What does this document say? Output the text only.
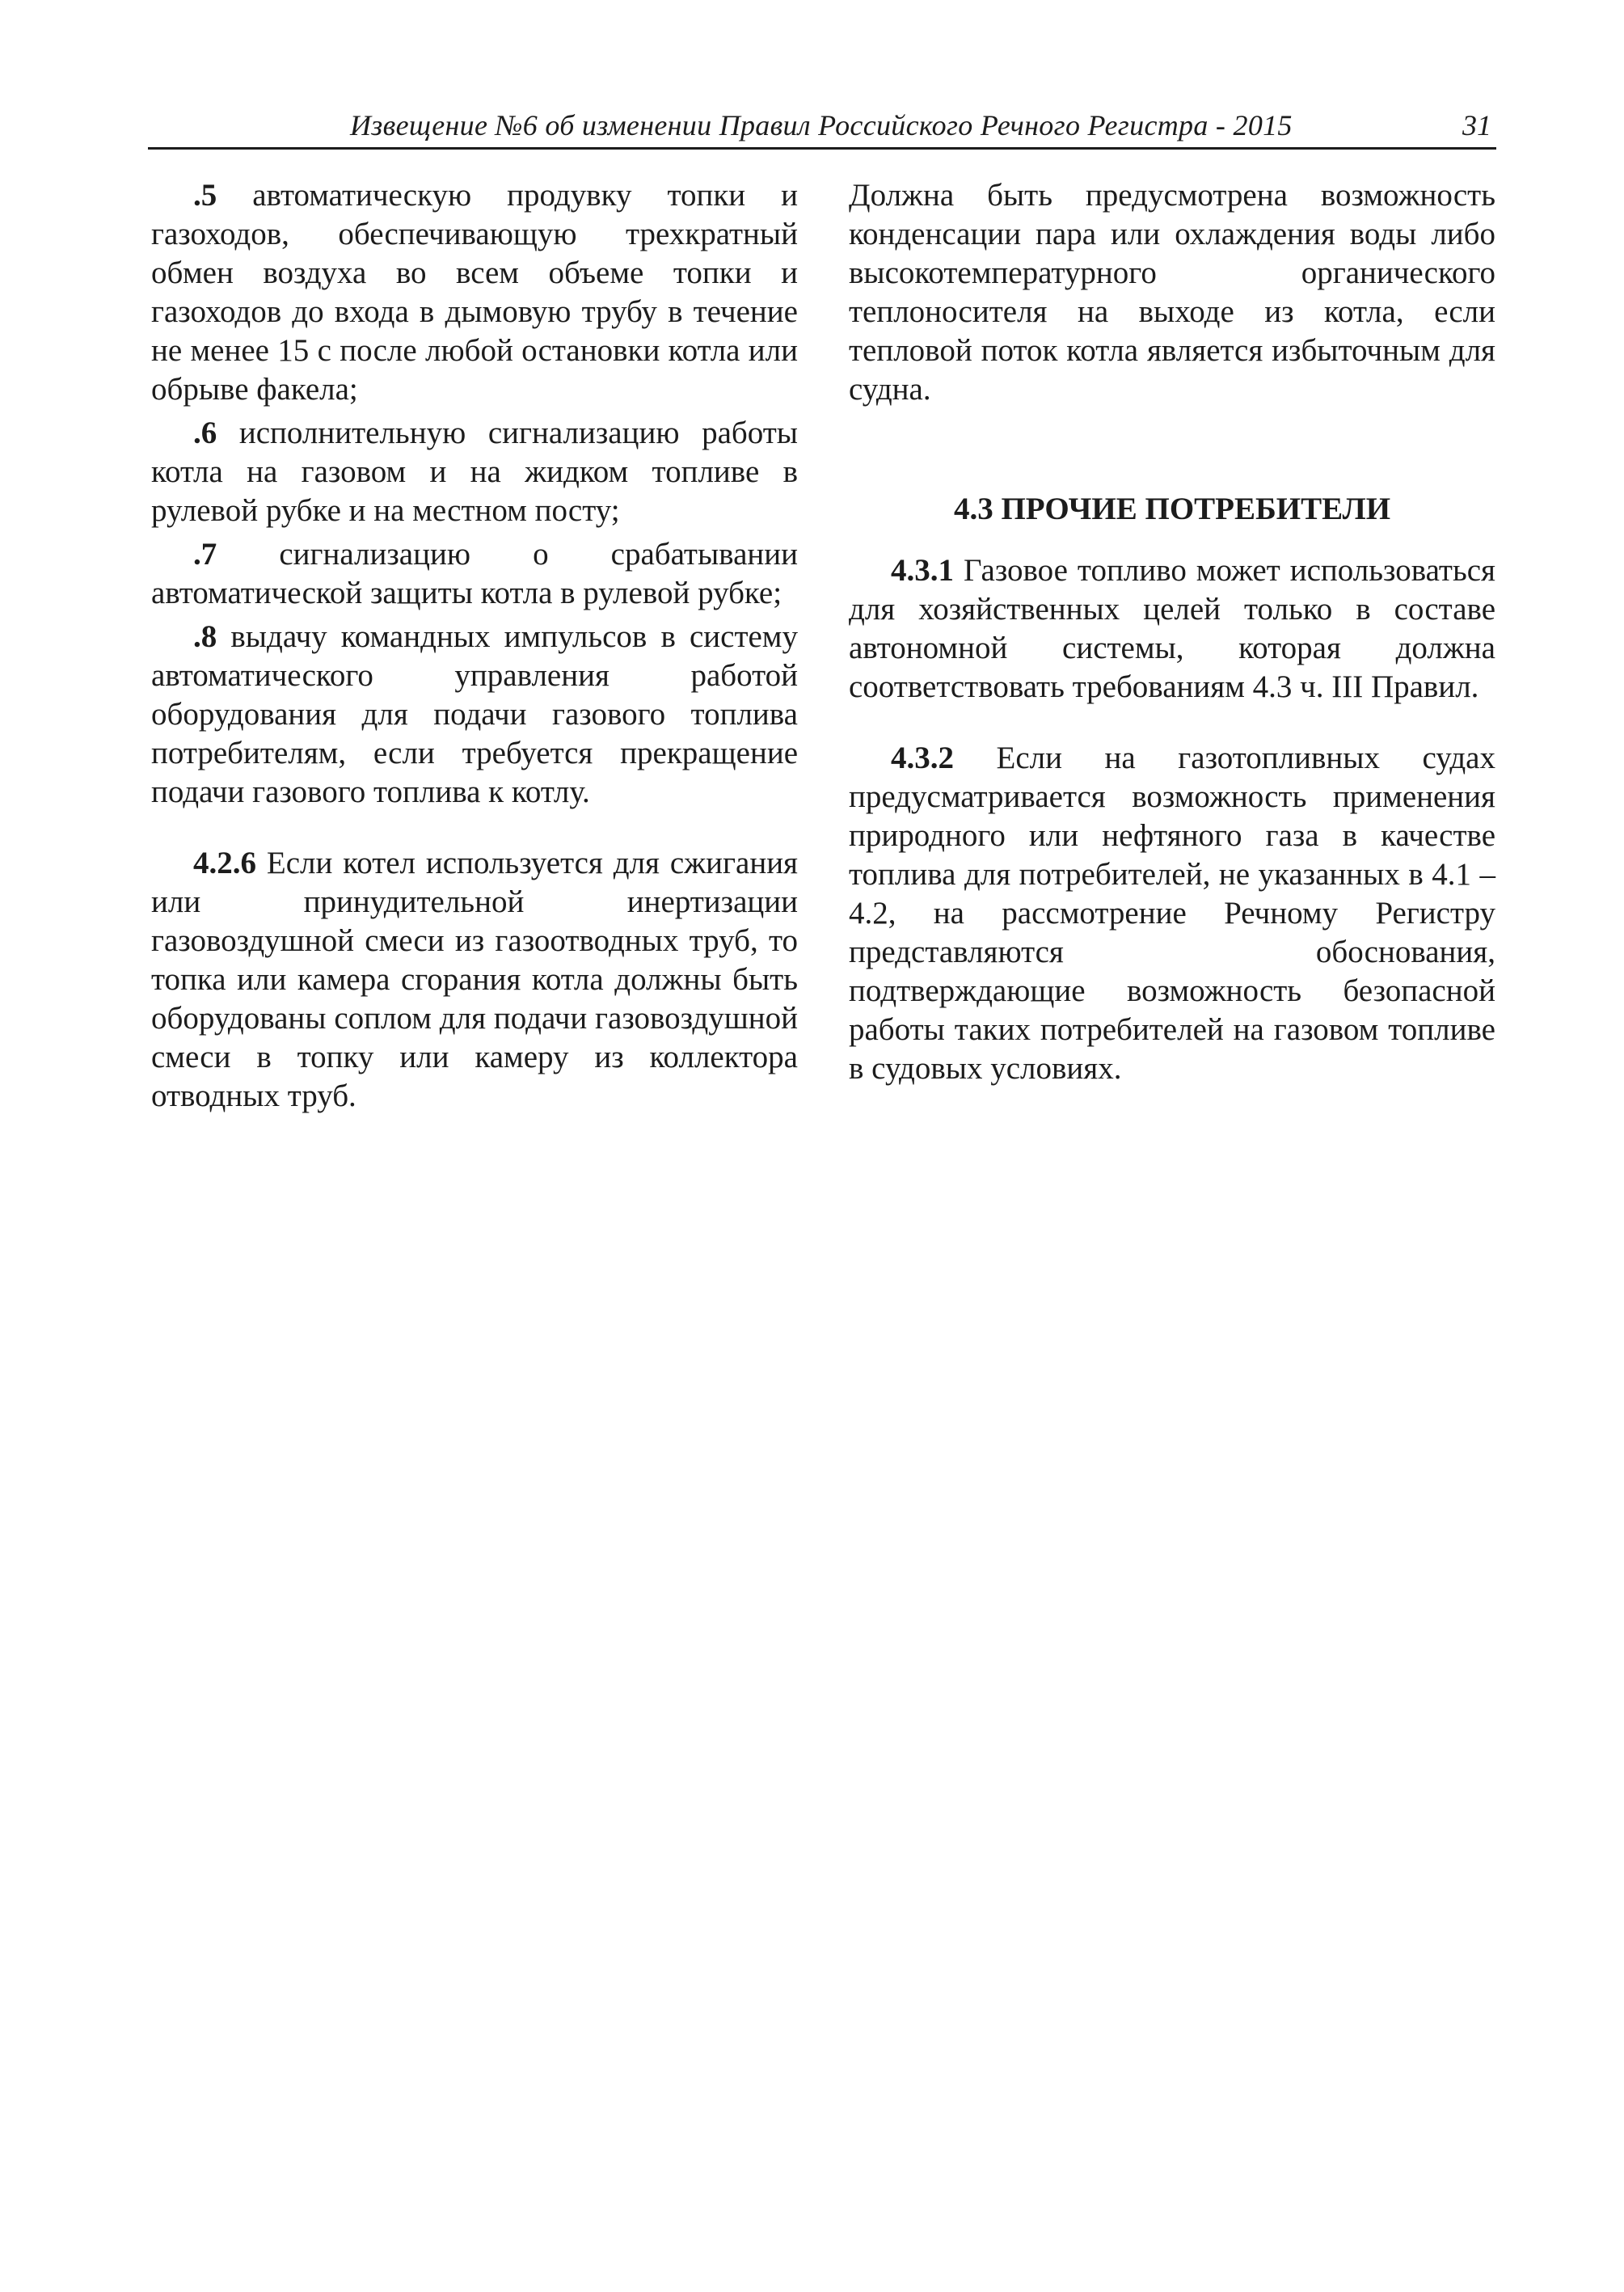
Извещение №6 об изменении Правил Российского Речного Регистра - 2015	31

.5 автоматическую продувку топки и газоходов, обеспечивающую трехкратный обмен воздуха во всем объеме топки и газоходов до входа в дымовую трубу в течение не менее 15 с после любой остановки котла или обрыве факела;

.6 исполнительную сигнализацию работы котла на газовом и на жидком топливе в рулевой рубке и на местном посту;

.7 сигнализацию о срабатывании автоматической защиты котла в рулевой рубке;

.8 выдачу командных импульсов в систему автоматического управления работой оборудования для подачи газового топлива потребителям, если требуется прекращение подачи газового топлива к котлу.

4.2.6 Если котел используется для сжигания или принудительной инертизации газовоздушной смеси из газоотводных труб, то топка или камера сгорания котла должны быть оборудованы соплом для подачи газовоздушной смеси в топку или камеру из коллектора отводных труб.

Должна быть предусмотрена возможность конденсации пара или охлаждения воды либо высокотемпературного органического теплоносителя на выходе из котла, если тепловой поток котла является избыточным для судна.

4.3 ПРОЧИЕ ПОТРЕБИТЕЛИ

4.3.1 Газовое топливо может использоваться для хозяйственных целей только в составе автономной системы, которая должна соответствовать требованиям 4.3 ч. III Правил.

4.3.2 Если на газотопливных судах предусматривается возможность применения природного или нефтяного газа в качестве топлива для потребителей, не указанных в 4.1 – 4.2, на рассмотрение Речному Регистру представляются обоснования, подтверждающие возможность безопасной работы таких потребителей на газовом топливе в судовых условиях.
